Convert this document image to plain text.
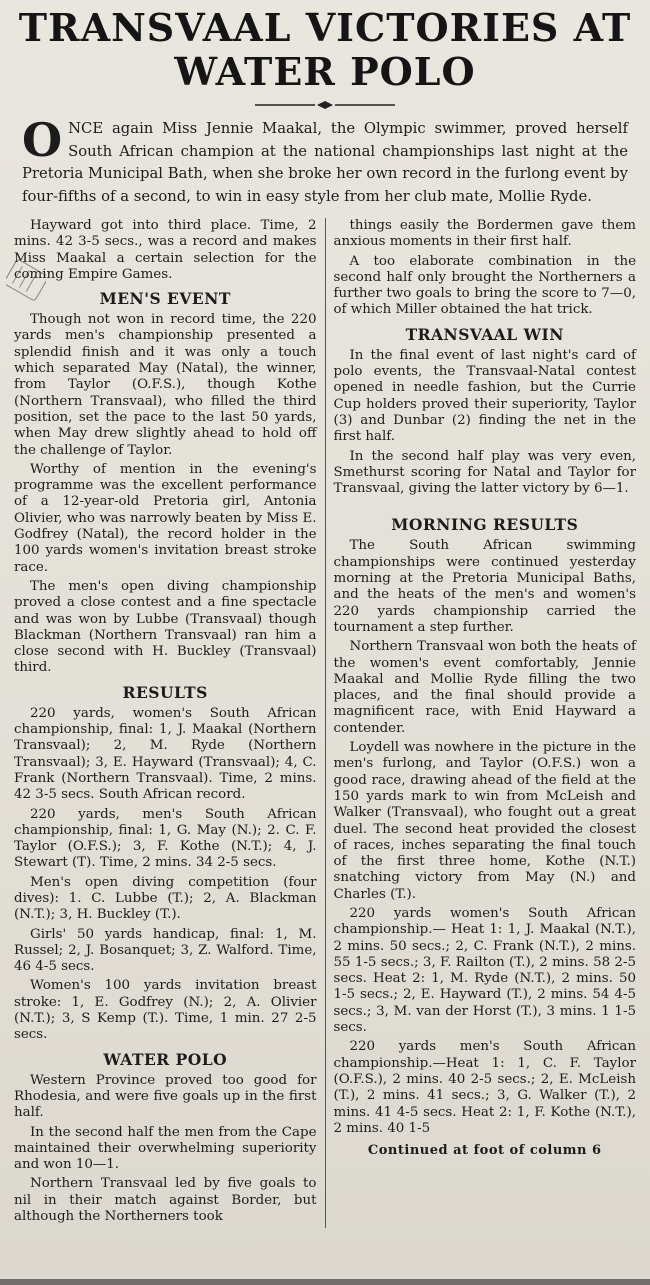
TRANSVAAL VICTORIES AT WATER POLO

ONCE again Miss Jennie Maakal, the Olympic swimmer, proved herself South African champion at the national championships last night at the Pretoria Municipal Bath, when she broke her own record in the furlong event by four-fifths of a second, to win in easy style from her club mate, Mollie Ryde.

Hayward got into third place. Time, 2 mins. 42 3-5 secs., was a record and makes Miss Maakal a certain selection for the coming Empire Games.

MEN'S EVENT

Though not won in record time, the 220 yards men's championship presented a splendid finish and it was only a touch which separated May (Natal), the winner, from Taylor (O.F.S.), though Kothe (Northern Transvaal), who filled the third position, set the pace to the last 50 yards, when May drew slightly ahead to hold off the challenge of Taylor.

Worthy of mention in the evening's programme was the excellent performance of a 12-year-old Pretoria girl, Antonia Olivier, who was narrowly beaten by Miss E. Godfrey (Natal), the record holder in the 100 yards women's invitation breast stroke race.

The men's open diving championship proved a close contest and a fine spectacle and was won by Lubbe (Transvaal) though Blackman (Northern Transvaal) ran him a close second with H. Buckley (Transvaal) third.

RESULTS

220 yards, women's South African championship, final: 1, J. Maakal (Northern Transvaal); 2, M. Ryde (Northern Transvaal); 3, E. Hayward (Transvaal); 4, C. Frank (Northern Transvaal). Time, 2 mins. 42 3-5 secs. South African record.

220 yards, men's South African championship, final: 1, G. May (N.); 2. C. F. Taylor (O.F.S.); 3, F. Kothe (N.T.); 4, J. Stewart (T). Time, 2 mins. 34 2-5 secs.

Men's open diving competition (four dives): 1. C. Lubbe (T.); 2, A. Blackman (N.T.); 3, H. Buckley (T.).

Girls' 50 yards handicap, final: 1, M. Russel; 2, J. Bosanquet; 3, Z. Walford. Time, 46 4-5 secs.

Women's 100 yards invitation breast stroke: 1, E. Godfrey (N.); 2, A. Olivier (N.T.); 3, S Kemp (T.). Time, 1 min. 27 2-5 secs.

WATER POLO

Western Province proved too good for Rhodesia, and were five goals up in the first half.

In the second half the men from the Cape maintained their overwhelming superiority and won 10—1.

Northern Transvaal led by five goals to nil in their match against Border, but although the Northerners took

things easily the Bordermen gave them anxious moments in their first half.

A too elaborate combination in the second half only brought the Northerners a further two goals to bring the score to 7—0, of which Miller obtained the hat trick.

TRANSVAAL WIN

In the final event of last night's card of polo events, the Transvaal-Natal contest opened in needle fashion, but the Currie Cup holders proved their superiority, Taylor (3) and Dunbar (2) finding the net in the first half.

In the second half play was very even, Smethurst scoring for Natal and Taylor for Transvaal, giving the latter victory by 6—1.

MORNING RESULTS

The South African swimming championships were continued yesterday morning at the Pretoria Municipal Baths, and the heats of the men's and women's 220 yards championship carried the tournament a step further.

Northern Transvaal won both the heats of the women's event comfortably, Jennie Maakal and Mollie Ryde filling the two places, and the final should provide a magnificent race, with Enid Hayward a contender.

Loydell was nowhere in the picture in the men's furlong, and Taylor (O.F.S.) won a good race, drawing ahead of the field at the 150 yards mark to win from McLeish and Walker (Transvaal), who fought out a great duel. The second heat provided the closest of races, inches separating the final touch of the first three home, Kothe (N.T.) snatching victory from May (N.) and Charles (T.).

220 yards women's South African championship.— Heat 1: 1, J. Maakal (N.T.), 2 mins. 50 secs.; 2, C. Frank (N.T.), 2 mins. 55 1-5 secs.; 3, F. Railton (T.), 2 mins. 58 2-5 secs. Heat 2: 1, M. Ryde (N.T.), 2 mins. 50 1-5 secs.; 2, E. Hayward (T.), 2 mins. 54 4-5 secs.; 3, M. van der Horst (T.), 3 mins. 1 1-5 secs.

220 yards men's South African championship.—Heat 1: 1, C. F. Taylor (O.F.S.), 2 mins. 40 2-5 secs.; 2, E. McLeish (T.), 2 mins. 41 secs.; 3, G. Walker (T.), 2 mins. 41 4-5 secs. Heat 2: 1, F. Kothe (N.T.), 2 mins. 40 1-5

Continued at foot of column 6
